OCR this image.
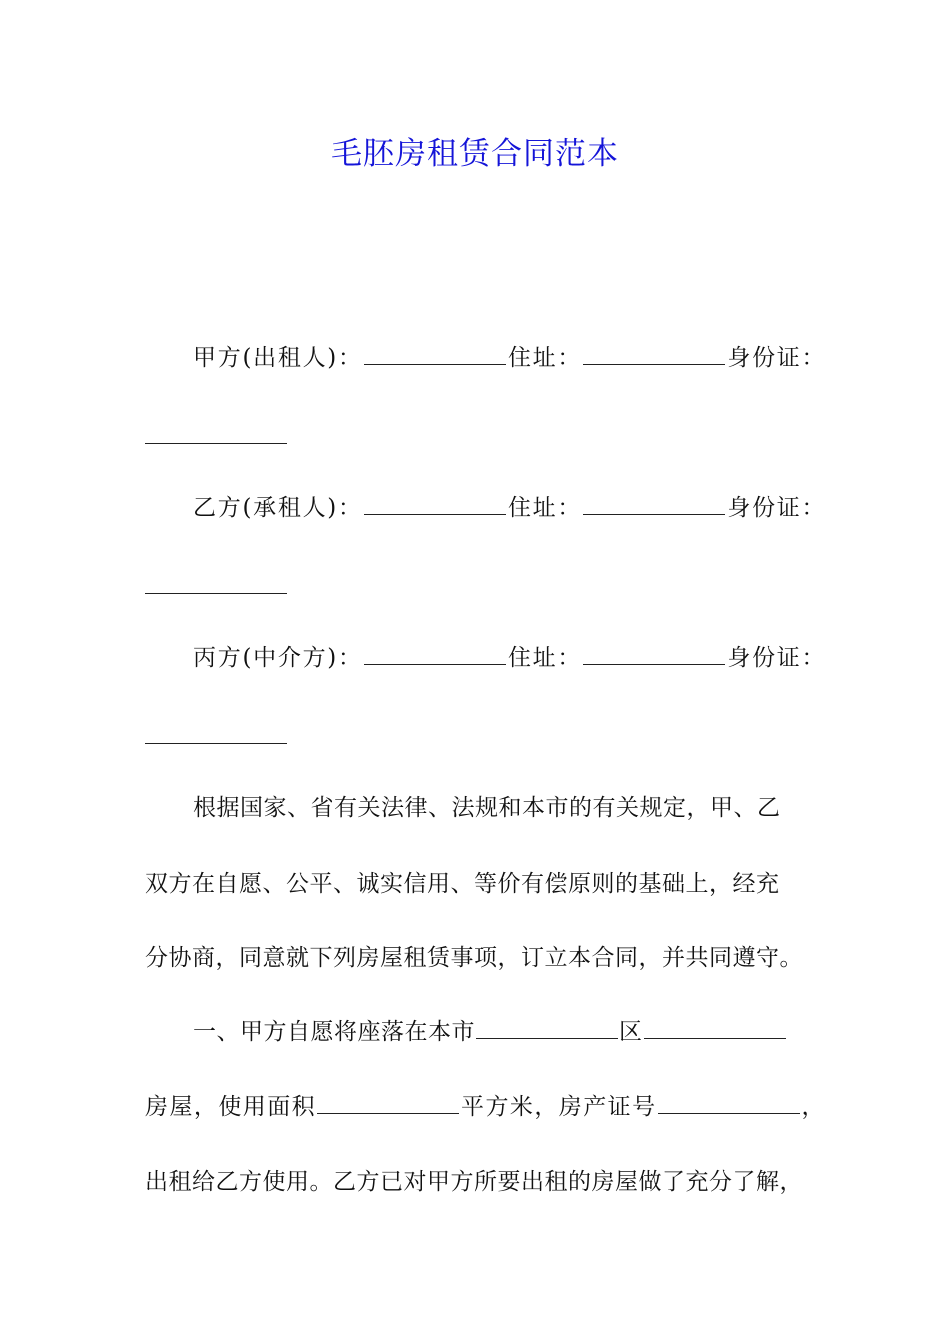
毛胚房租赁合同范本
甲方(出租人)：	住址：	身份证：
乙方(承租人)：	住址：	身份证：
丙方(中介方)：	住址：	身份证：
根据国家、省有关法律、法规和本市的有关规定，甲、乙
双方在自愿、公平、诚实信用、等价有偿原则的基础上，经充
分协商，同意就下列房屋租赁事项，订立本合同，并共同遵守。
一、甲方自愿将座落在本市	区
房屋，使用面积	平方米，房产证号	，
出租给乙方使用。乙方已对甲方所要出租的房屋做了充分了解，
